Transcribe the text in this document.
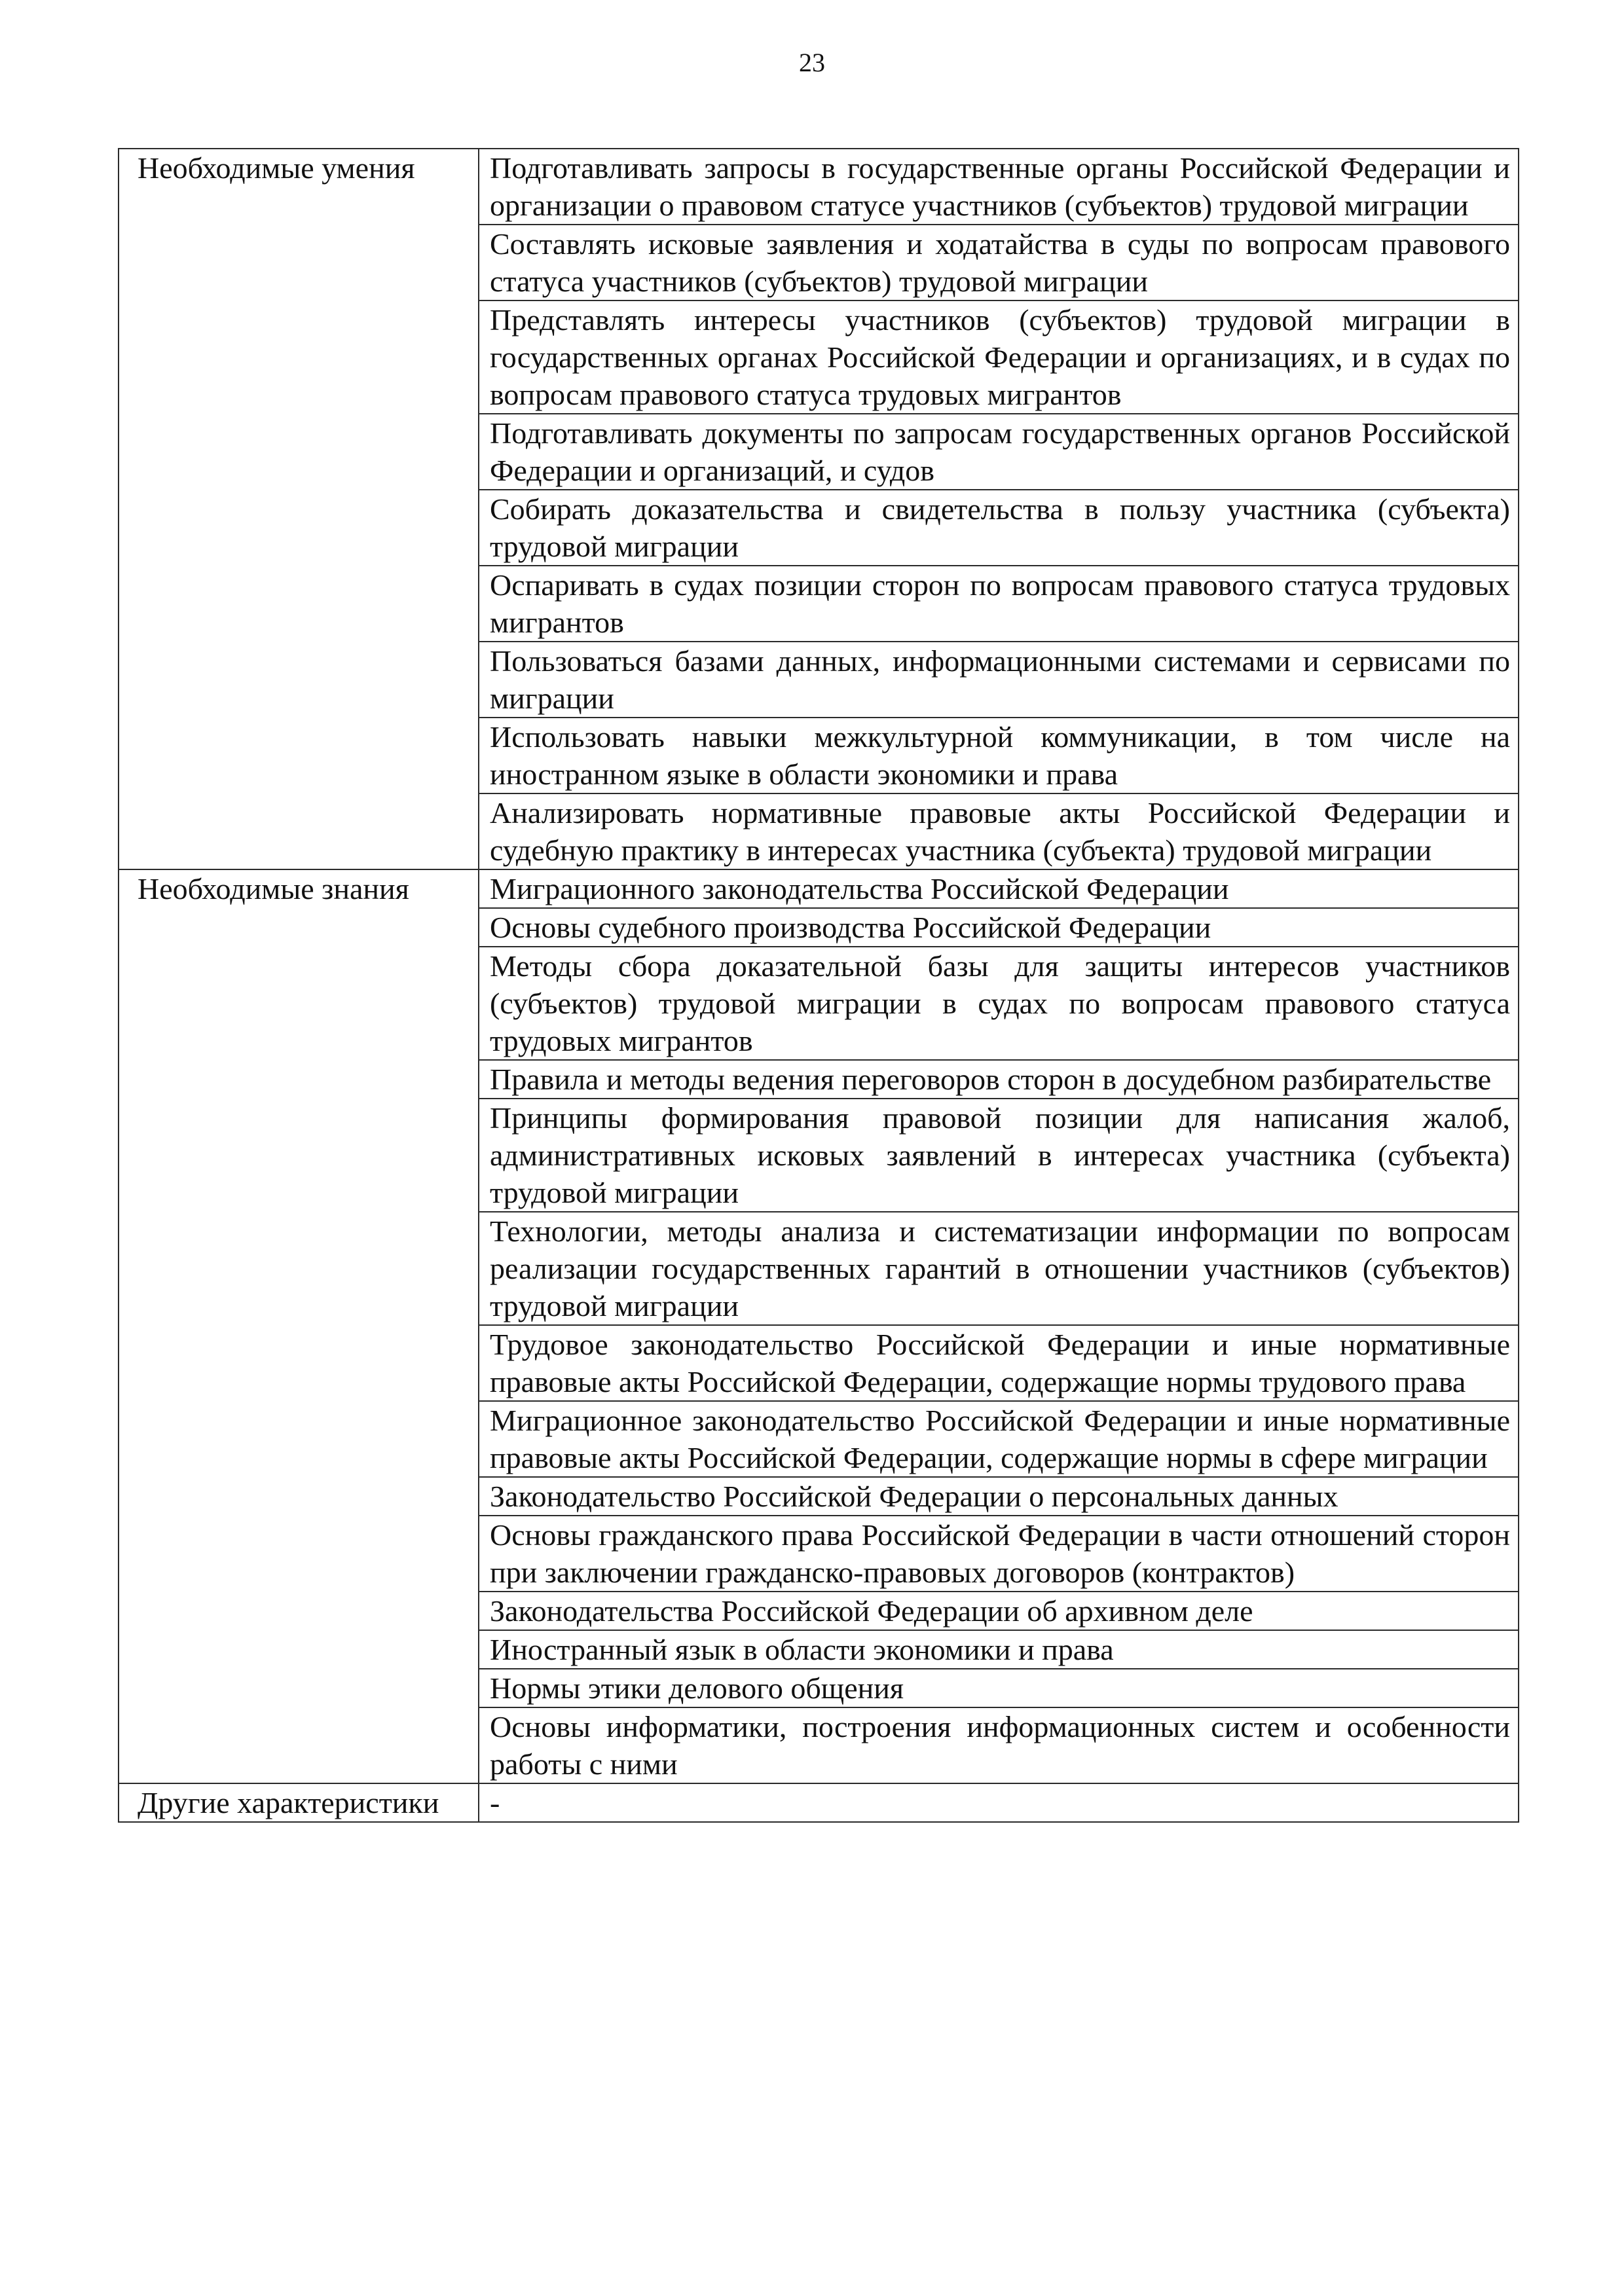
23
Необходимые умения	Подготавливать запросы в государственные органы Российской Федерации и организации о правовом статусе участников (субъектов) трудовой миграции

	Составлять исковые заявления и ходатайства в суды по вопросам правового статуса участников (субъектов) трудовой миграции

	Представлять интересы участников (субъектов) трудовой миграции в государственных органах Российской Федерации и организациях, и в судах по вопросам правового статуса трудовых мигрантов

	Подготавливать документы по запросам государственных органов Российской Федерации и организаций, и судов

	Собирать доказательства и свидетельства в пользу участника (субъекта) трудовой миграции

	Оспаривать в судах позиции сторон по вопросам правового статуса трудовых мигрантов

	Пользоваться базами данных, информационными системами и сервисами по миграции

	Использовать навыки межкультурной коммуникации, в том числе на иностранном языке в области экономики и права

	Анализировать нормативные правовые акты Российской Федерации и судебную практику в интересах участника (субъекта) трудовой миграции

Необходимые знания	Миграционного законодательства Российской Федерации

	Основы судебного производства Российской Федерации

	Методы сбора доказательной базы для защиты интересов участников (субъектов) трудовой миграции в судах по вопросам правового статуса трудовых мигрантов

	Правила и методы ведения переговоров сторон в досудебном разбирательстве

	Принципы формирования правовой позиции для написания жалоб, административных исковых заявлений в интересах участника (субъекта) трудовой миграции

	Технологии, методы анализа и систематизации информации по вопросам реализации государственных гарантий в отношении участников (субъектов) трудовой миграции

	Трудовое законодательство Российской Федерации и иные нормативные правовые акты Российской Федерации, содержащие нормы трудового права

	Миграционное законодательство Российской Федерации и иные нормативные правовые акты Российской Федерации, содержащие нормы в сфере миграции

	Законодательство Российской Федерации о персональных данных

	Основы гражданского права Российской Федерации в части отношений сторон при заключении гражданско-правовых договоров (контрактов)

	Законодательства Российской Федерации об архивном деле

	Иностранный язык в области экономики и права

	Нормы этики делового общения

	Основы информатики, построения информационных систем и особенности работы с ними

Другие характеристики	-
